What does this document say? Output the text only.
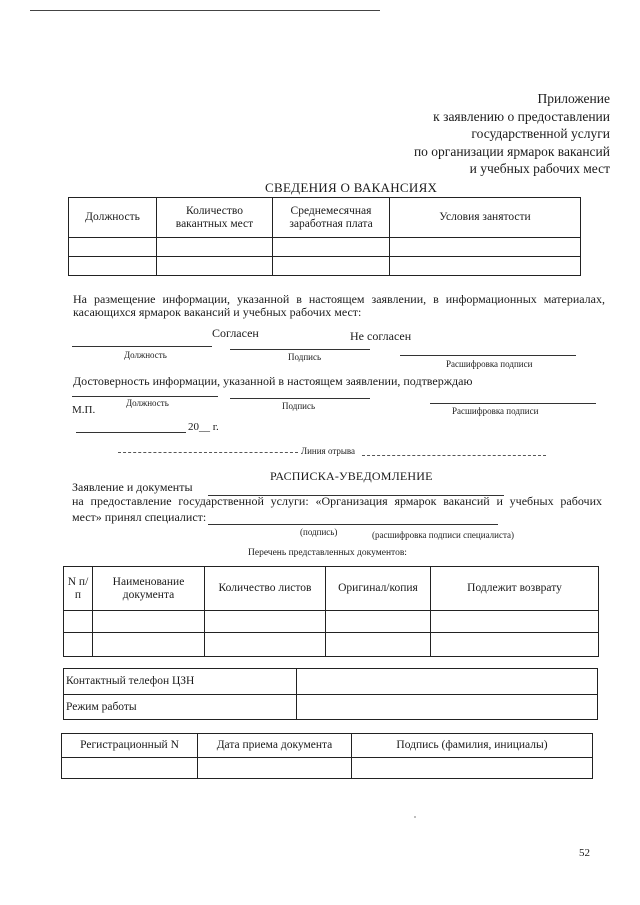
Приложение
к заявлению о предоставлении
государственной услуги
по организации ярмарок вакансий
и учебных рабочих мест
СВЕДЕНИЯ О ВАКАНСИЯХ
Должность	Количество вакантных мест	Среднемесячная заработная плата	Условия занятости

На размещение информации, указанной в настоящем заявлении, в информационных материалах, касающихся ярмарок вакансий и учебных рабочих мест:
Согласен	Не согласен
Должность	Подпись
Расшифровка подписи
Достоверность информации, указанной в настоящем заявлении, подтверждаю
Должность	Подпись	Расшифровка подписи
М.П.
20__ г.
Линия отрыва
РАСПИСКА-УВЕДОМЛЕНИЕ
Заявление и документы
на предоставление государственной услуги: «Организация ярмарок вакансий и учебных рабочих
мест» принял специалист:
(подпись)	(расшифровка подписи специалиста)
Перечень представленных документов:
N п/п	Наименование документа	Количество листов	Оригинал/копия	Подлежит возврату

Контактный телефон ЦЗН	
Режим работы	
Регистрационный N	Дата приема документа	Подпись (фамилия, инициалы)

52
